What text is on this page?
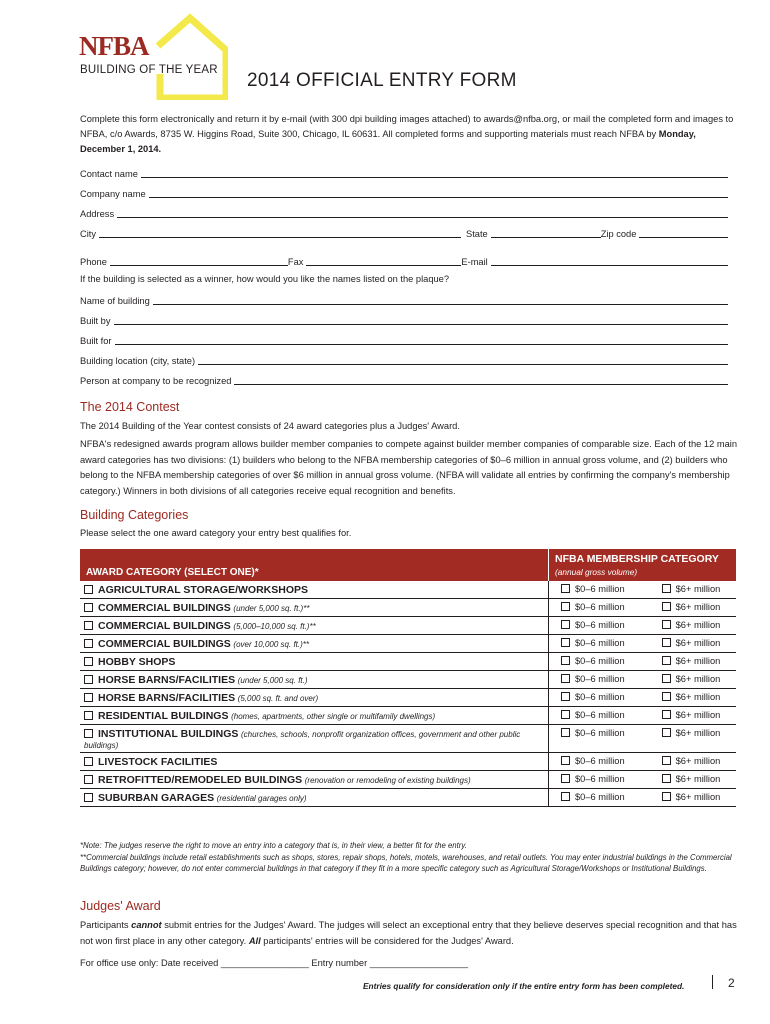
NFBA
BUILDING OF THE YEAR 2014 OFFICIAL ENTRY FORM
Complete this form electronically and return it by e-mail (with 300 dpi building images attached) to awards@nfba.org, or mail the completed form and images to NFBA, c/o Awards, 8735 W. Higgins Road, Suite 300, Chicago, IL 60631. All completed forms and supporting materials must reach NFBA by Monday, December 1, 2014.
Contact name
Company name
Address
City	State	Zip code
Phone	Fax	E-mail
If the building is selected as a winner, how would you like the names listed on the plaque?
Name of building
Built by
Built for
Building location (city, state)
Person at company to be recognized
The 2014 Contest
The 2014 Building of the Year contest consists of 24 award categories plus a Judges' Award.
NFBA's redesigned awards program allows builder member companies to compete against builder member companies of comparable size. Each of the 12 main award categories has two divisions: (1) builders who belong to the NFBA membership categories of $0–6 million in annual gross volume, and (2) builders who belong to the NFBA membership categories of over $6 million in annual gross volume. (NFBA will validate all entries by confirming the company's membership category.) Winners in both divisions of all categories receive equal recognition and benefits.
Building Categories
Please select the one award category your entry best qualifies for.
AWARD CATEGORY (SELECT ONE)*	NFBA MEMBERSHIP CATEGORY
(annual gross volume)	

AGRICULTURAL STORAGE/WORKSHOPS	$0–6 million	$6+ million
COMMERCIAL BUILDINGS (under 5,000 sq. ft.)**	$0–6 million	$6+ million
COMMERCIAL BUILDINGS (5,000–10,000 sq. ft.)**	$0–6 million	$6+ million
COMMERCIAL BUILDINGS (over 10,000 sq. ft.)**	$0–6 million	$6+ million
HOBBY SHOPS	$0–6 million	$6+ million
HORSE BARNS/FACILITIES (under 5,000 sq. ft.)	$0–6 million	$6+ million
HORSE BARNS/FACILITIES (5,000 sq. ft. and over)	$0–6 million	$6+ million
RESIDENTIAL BUILDINGS (homes, apartments, other single or multifamily dwellings)	$0–6 million	$6+ million
INSTITUTIONAL BUILDINGS (churches, schools, nonprofit organization offices, government and other public buildings)	$0–6 million	$6+ million
LIVESTOCK FACILITIES	$0–6 million	$6+ million
RETROFITTED/REMODELED BUILDINGS (renovation or remodeling of existing buildings)	$0–6 million	$6+ million
SUBURBAN GARAGES (residential garages only)	$0–6 million	$6+ million
*Note: The judges reserve the right to move an entry into a category that is, in their view, a better fit for the entry.
**Commercial buildings include retail establishments such as shops, stores, repair shops, hotels, motels, warehouses, and retail outlets. You may enter industrial buildings in the Commercial Buildings category; however, do not enter commercial buildings in that category if they fit in a more specific category such as Agricultural Storage/Workshops or Institutional Buildings.
Judges' Award
Participants cannot submit entries for the Judges' Award. The judges will select an exceptional entry that they believe deserves special recognition and that has not won first place in any other category. All participants' entries will be considered for the Judges' Award.
For office use only: Date received _________________ Entry number ___________________
Entries qualify for consideration only if the entire entry form has been completed.	2
